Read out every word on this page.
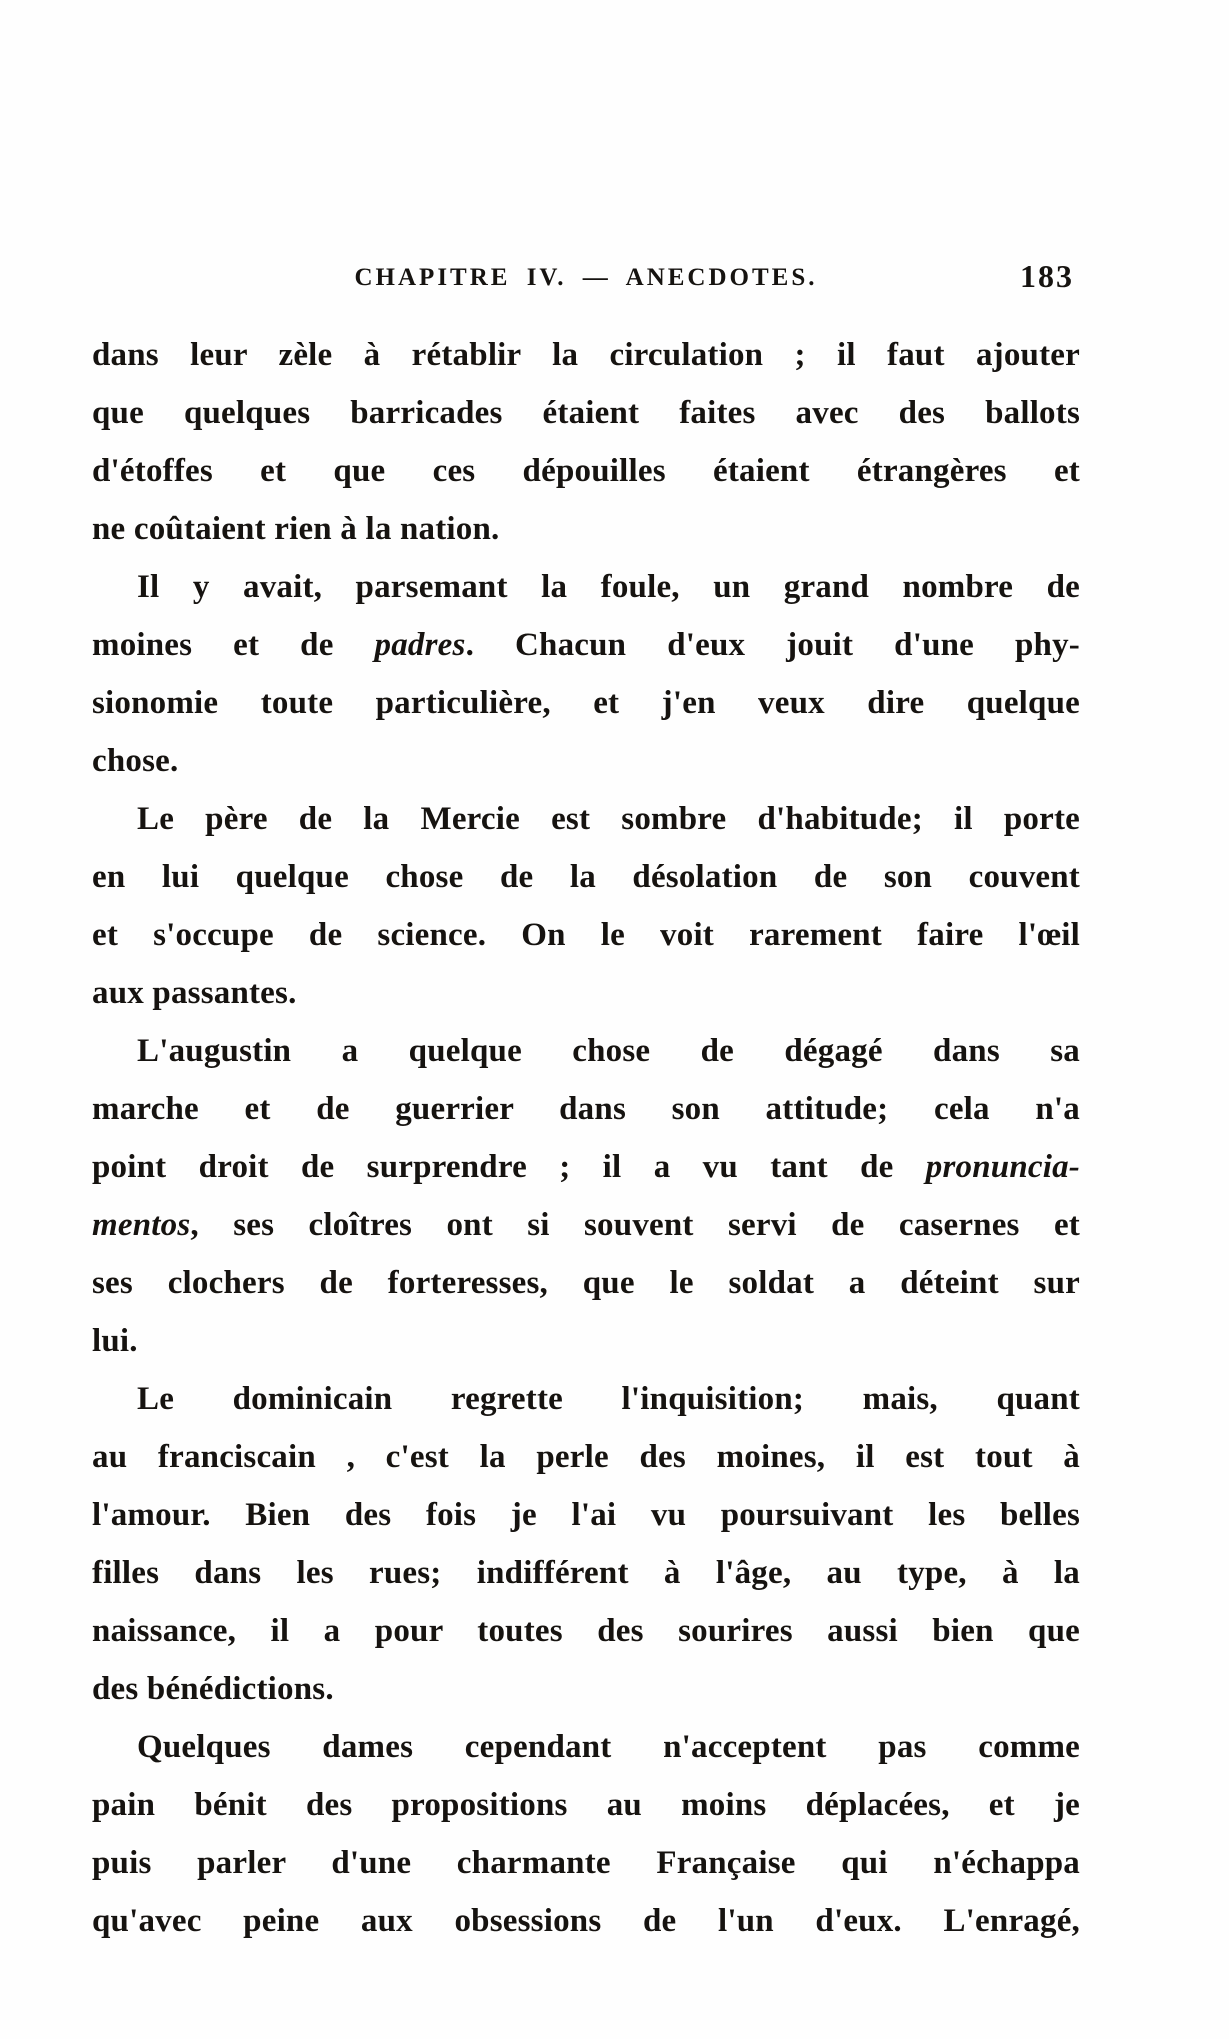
CHAPITRE IV. — ANECDOTES.	183
dans leur zèle à rétablir la circulation ; il faut ajouter
que quelques barricades étaient faites avec des ballots
d'étoffes et que ces dépouilles étaient étrangères et
ne coûtaient rien à la nation.
Il y avait, parsemant la foule, un grand nombre de
moines et de padres. Chacun d'eux jouit d'une phy-
sionomie toute particulière, et j'en veux dire quelque
chose.
Le père de la Mercie est sombre d'habitude; il porte
en lui quelque chose de la désolation de son couvent
et s'occupe de science. On le voit rarement faire l'œil
aux passantes.
L'augustin a quelque chose de dégagé dans sa
marche et de guerrier dans son attitude; cela n'a
point droit de surprendre ; il a vu tant de pronuncia-
mentos, ses cloîtres ont si souvent servi de casernes et
ses clochers de forteresses, que le soldat a déteint sur
lui.
Le dominicain regrette l'inquisition; mais, quant
au franciscain , c'est la perle des moines, il est tout à
l'amour. Bien des fois je l'ai vu poursuivant les belles
filles dans les rues; indifférent à l'âge, au type, à la
naissance, il a pour toutes des sourires aussi bien que
des bénédictions.
Quelques dames cependant n'acceptent pas comme
pain bénit des propositions au moins déplacées, et je
puis parler d'une charmante Française qui n'échappa
qu'avec peine aux obsessions de l'un d'eux. L'enragé,
